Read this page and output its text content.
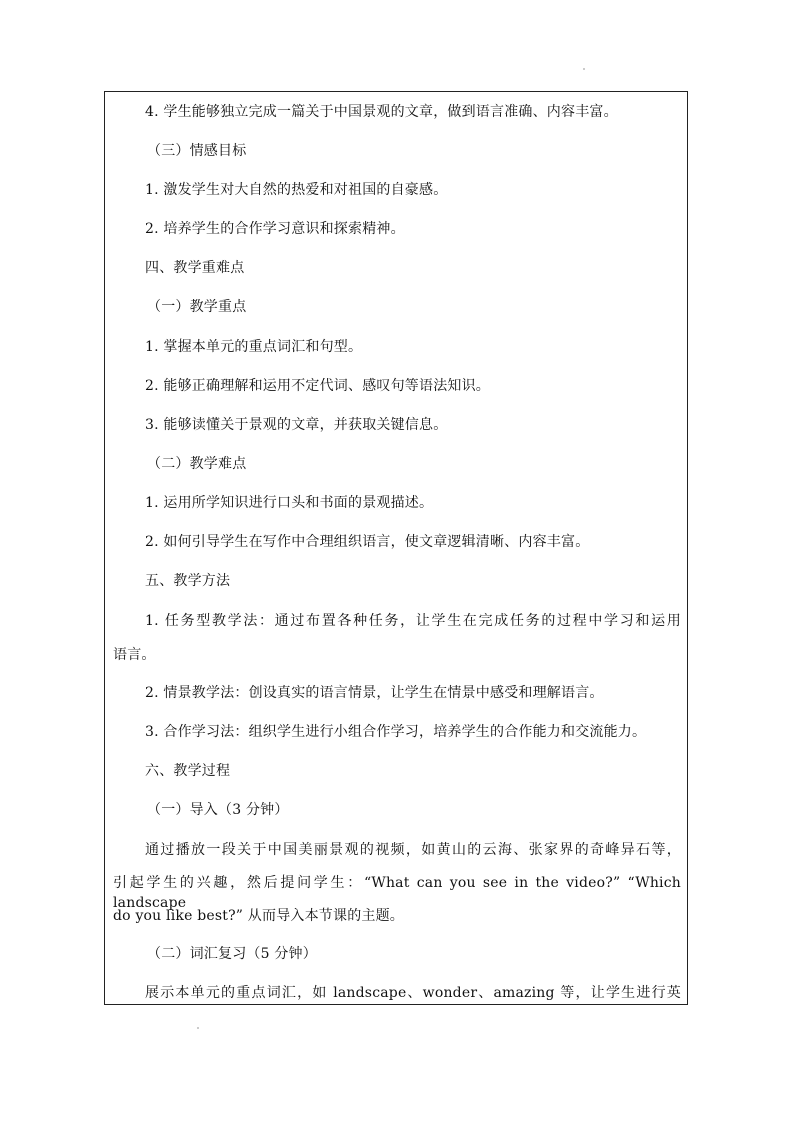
4. 学生能够独立完成一篇关于中国景观的文章，做到语言准确、内容丰富。
（三）情感目标
1. 激发学生对大自然的热爱和对祖国的自豪感。
2. 培养学生的合作学习意识和探索精神。
四、教学重难点
（一）教学重点
1. 掌握本单元的重点词汇和句型。
2. 能够正确理解和运用不定代词、感叹句等语法知识。
3. 能够读懂关于景观的文章，并获取关键信息。
（二）教学难点
1. 运用所学知识进行口头和书面的景观描述。
2. 如何引导学生在写作中合理组织语言，使文章逻辑清晰、内容丰富。
五、教学方法
1. 任务型教学法：通过布置各种任务，让学生在完成任务的过程中学习和运用
语言。
2. 情景教学法：创设真实的语言情景，让学生在情景中感受和理解语言。
3. 合作学习法：组织学生进行小组合作学习，培养学生的合作能力和交流能力。
六、教学过程
（一）导入（3 分钟）
通过播放一段关于中国美丽景观的视频，如黄山的云海、张家界的奇峰异石等，
引起学生的兴趣，然后提问学生：“What can you see in the video?” “Which landscape
do you like best?” 从而导入本节课的主题。
（二）词汇复习（5 分钟）
展示本单元的重点词汇，如 landscape、wonder、amazing 等，让学生进行英
